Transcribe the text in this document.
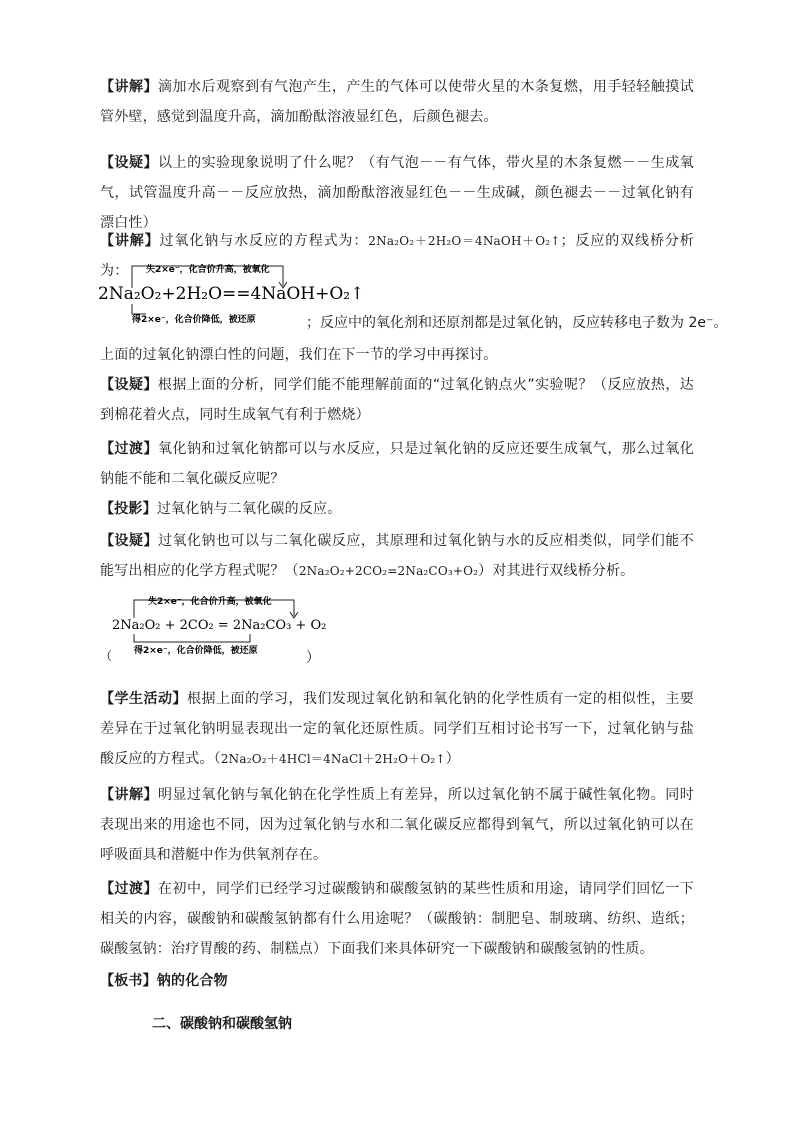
【讲解】滴加水后观察到有气泡产生，产生的气体可以使带火星的木条复燃，用手轻轻触摸试管外壁，感觉到温度升高，滴加酚酞溶液显红色，后颜色褪去。
【设疑】以上的实验现象说明了什么呢？（有气泡－－有气体，带火星的木条复燃－－生成氧气，试管温度升高－－反应放热，滴加酚酞溶液显红色－－生成碱，颜色褪去－－过氧化钠有漂白性）
【讲解】过氧化钠与水反应的方程式为：2Na₂O₂＋2H₂O＝4NaOH＋O₂↑；反应的双线桥分析为：	失2×e⁻，化合价升高，被氧化
2Na₂O₂+2H₂O==4NaOH+O₂↑
得2×e⁻，化合价降低，被还原	；反应中的氧化剂和还原剂都是过氧化钠，反应转移电子数为 2e⁻。
上面的过氧化钠漂白性的问题，我们在下一节的学习中再探讨。
【设疑】根据上面的分析，同学们能不能理解前面的“过氧化钠点火”实验呢？（反应放热，达到棉花着火点，同时生成氧气有利于燃烧）
【过渡】氧化钠和过氧化钠都可以与水反应，只是过氧化钠的反应还要生成氧气，那么过氧化钠能不能和二氧化碳反应呢？
【投影】过氧化钠与二氧化碳的反应。
【设疑】过氧化钠也可以与二氧化碳反应，其原理和过氧化钠与水的反应相类似，同学们能不能写出相应的化学方程式呢？（2Na₂O₂+2CO₂=2Na₂CO₃+O₂）对其进行双线桥分析。
失2×e⁻，化合价升高，被氧化
2Na₂O₂ + 2CO₂ = 2Na₂CO₃ + O₂
得2×e⁻，化合价降低，被还原
（	）
【学生活动】根据上面的学习，我们发现过氧化钠和氧化钠的化学性质有一定的相似性，主要差异在于过氧化钠明显表现出一定的氧化还原性质。同学们互相讨论书写一下，过氧化钠与盐酸反应的方程式。（2Na₂O₂＋4HCl＝4NaCl＋2H₂O＋O₂↑）
【讲解】明显过氧化钠与氧化钠在化学性质上有差异，所以过氧化钠不属于碱性氧化物。同时表现出来的用途也不同，因为过氧化钠与水和二氧化碳反应都得到氧气，所以过氧化钠可以在呼吸面具和潜艇中作为供氧剂存在。
【过渡】在初中，同学们已经学习过碳酸钠和碳酸氢钠的某些性质和用途，请同学们回忆一下相关的内容，碳酸钠和碳酸氢钠都有什么用途呢？（碳酸钠：制肥皂、制玻璃、纺织、造纸；碳酸氢钠：治疗胃酸的药、制糕点）下面我们来具体研究一下碳酸钠和碳酸氢钠的性质。
【板书】钠的化合物
二、碳酸钠和碳酸氢钠
